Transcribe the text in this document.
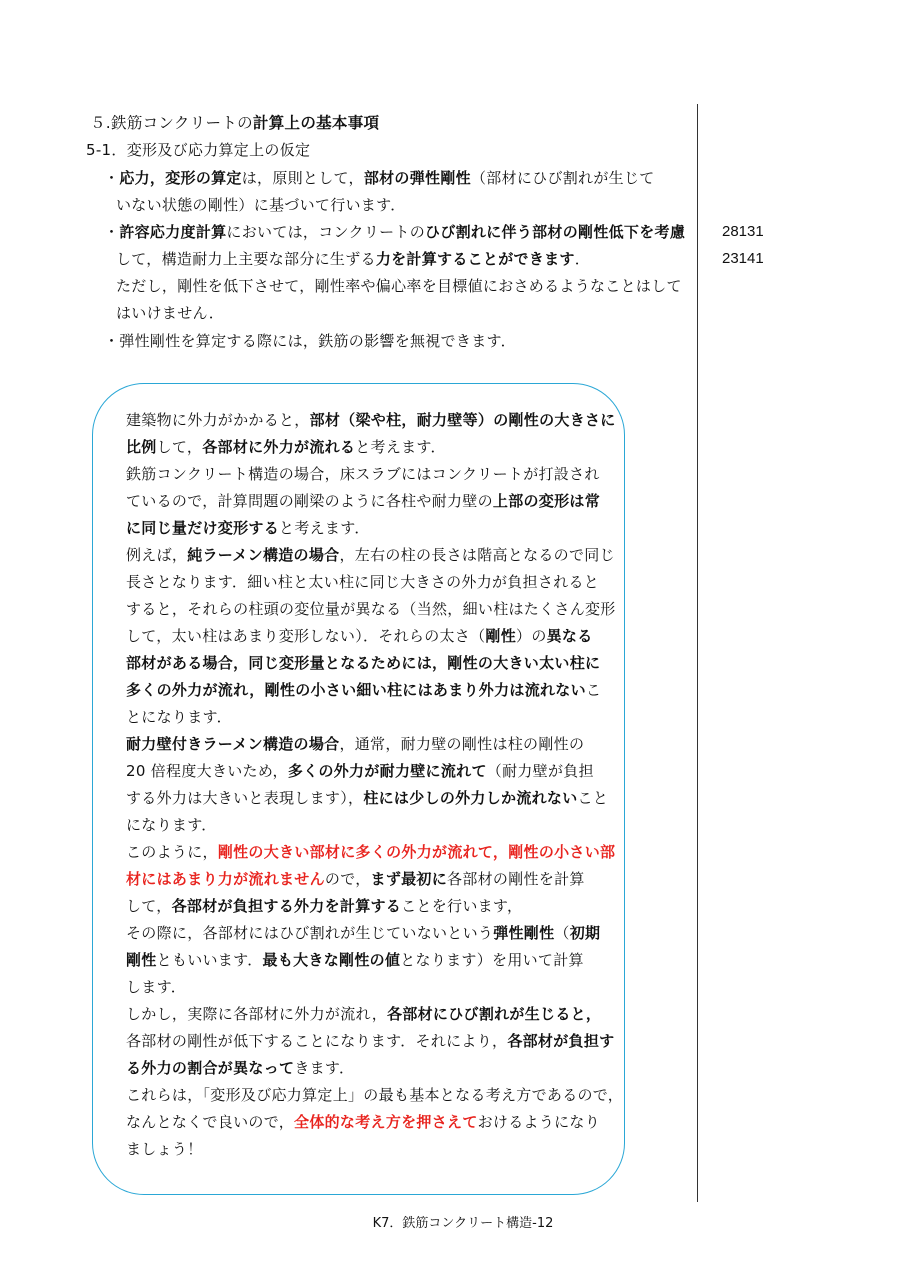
５.鉄筋コンクリートの計算上の基本事項
5-1．変形及び応力算定上の仮定
・応力，変形の算定は，原則として，部材の弾性剛性（部材にひび割れが生じて
いない状態の剛性）に基づいて行います．
・許容応力度計算においては，コンクリートのひび割れに伴う部材の剛性低下を考慮
して，構造耐力上主要な部分に生ずる力を計算することができます．
ただし，剛性を低下させて，剛性率や偏心率を目標値におさめるようなことはして
はいけません．
・弾性剛性を算定する際には，鉄筋の影響を無視できます．
28131
23141
建築物に外力がかかると，部材（梁や柱，耐力壁等）の剛性の大きさに
比例して，各部材に外力が流れると考えます．
鉄筋コンクリート構造の場合，床スラブにはコンクリートが打設され
ているので，計算問題の剛梁のように各柱や耐力壁の上部の変形は常
に同じ量だけ変形すると考えます．
例えば，純ラーメン構造の場合，左右の柱の長さは階高となるので同じ
長さとなります．細い柱と太い柱に同じ大きさの外力が負担されると
すると，それらの柱頭の変位量が異なる（当然，細い柱はたくさん変形
して，太い柱はあまり変形しない）．それらの太さ（剛性）の異なる
部材がある場合，同じ変形量となるためには，剛性の大きい太い柱に
多くの外力が流れ，剛性の小さい細い柱にはあまり外力は流れないこ
とになります．
耐力壁付きラーメン構造の場合，通常，耐力壁の剛性は柱の剛性の
20 倍程度大きいため，多くの外力が耐力壁に流れて（耐力壁が負担
する外力は大きいと表現します），柱には少しの外力しか流れないこと
になります．
このように，剛性の大きい部材に多くの外力が流れて，剛性の小さい部
材にはあまり力が流れませんので，まず最初に各部材の剛性を計算
して，各部材が負担する外力を計算することを行います，
その際に，各部材にはひび割れが生じていないという弾性剛性（初期
剛性ともいいます．最も大きな剛性の値となります）を用いて計算
します．
しかし，実際に各部材に外力が流れ，各部材にひび割れが生じると，
各部材の剛性が低下することになります．それにより，各部材が負担す
る外力の割合が異なってきます．
これらは，「変形及び応力算定上」の最も基本となる考え方であるので，
なんとなくで良いので，全体的な考え方を押さえておけるようになり
ましょう！
K7．鉄筋コンクリート構造-12
